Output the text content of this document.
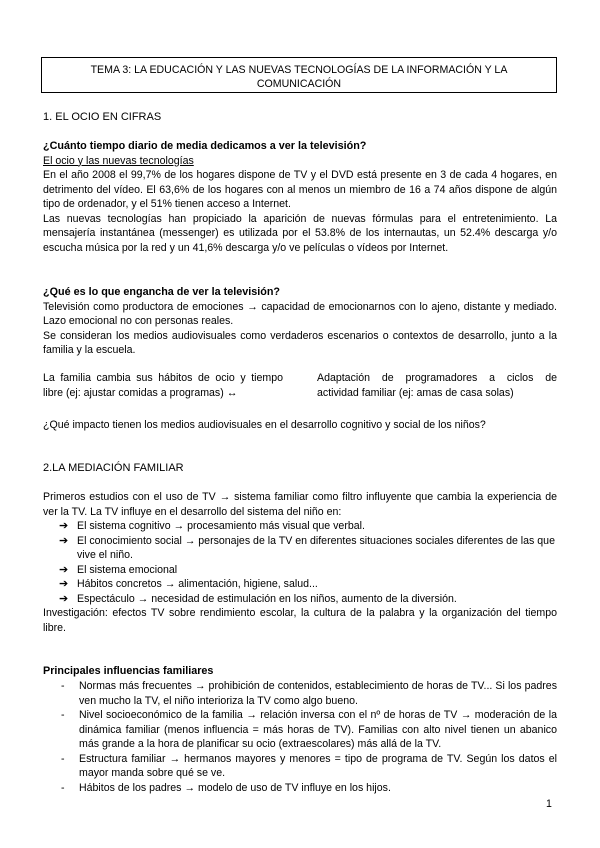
TEMA 3: LA EDUCACIÓN Y LAS NUEVAS TECNOLOGÍAS DE LA INFORMACIÓN Y LA
COMUNICACIÓN
1. EL OCIO EN CIFRAS

¿Cuánto tiempo diario de media dedicamos a ver la televisión?

El ocio y las nuevas tecnologías

En el año 2008 el 99,7% de los hogares dispone de TV y el DVD está presente en 3 de cada 4 hogares, en detrimento del vídeo. El 63,6% de los hogares con al menos un miembro de 16 a 74 años dispone de algún tipo de ordenador, y el 51% tienen acceso a Internet.

Las nuevas tecnologías han propiciado la aparición de nuevas fórmulas para el entretenimiento. La mensajería instantánea (messenger) es utilizada por el 53.8% de los internautas, un 52.4% descarga y/o escucha música por la red y un 41,6% descarga y/o ve películas o vídeos por Internet.

¿Qué es lo que engancha de ver la televisión?

Televisión como productora de emociones → capacidad de emocionarnos con lo ajeno, distante y mediado. Lazo emocional no con personas reales.

Se consideran los medios audiovisuales como verdaderos escenarios o contextos de desarrollo, junto a la familia y la escuela.

La familia cambia sus hábitos de ocio y tiempo libre (ej: ajustar comidas a programas) ↔
Adaptación de programadores a ciclos de actividad familiar (ej: amas de casa solas)
¿Qué impacto tienen los medios audiovisuales en el desarrollo cognitivo y social de los niños?
2.LA MEDIACIÓN FAMILIAR
Primeros estudios con el uso de TV → sistema familiar como filtro influyente que cambia la experiencia de ver la TV. La TV influye en el desarrollo del sistema del niño en:
➔ El sistema cognitivo → procesamiento más visual que verbal.
➔ El conocimiento social → personajes de la TV en diferentes situaciones sociales diferentes de las que vive el niño.
➔ El sistema emocional
➔ Hábitos concretos → alimentación, higiene, salud...
➔ Espectáculo → necesidad de estimulación en los niños, aumento de la diversión.
Investigación: efectos TV sobre rendimiento escolar, la cultura de la palabra y la organización del tiempo libre.
Principales influencias familiares
- Normas más frecuentes → prohibición de contenidos, establecimiento de horas de TV... Si los padres ven mucho la TV, el niño interioriza la TV como algo bueno.
- Nivel socioeconómico de la familia → relación inversa con el nº de horas de TV → moderación de la dinámica familiar (menos influencia = más horas de TV). Familias con alto nivel tienen un abanico más grande a la hora de planificar su ocio (extraescolares) más allá de la TV.
- Estructura familiar → hermanos mayores y menores = tipo de programa de TV. Según los datos el mayor manda sobre qué se ve.
- Hábitos de los padres → modelo de uso de TV influye en los hijos.
1
